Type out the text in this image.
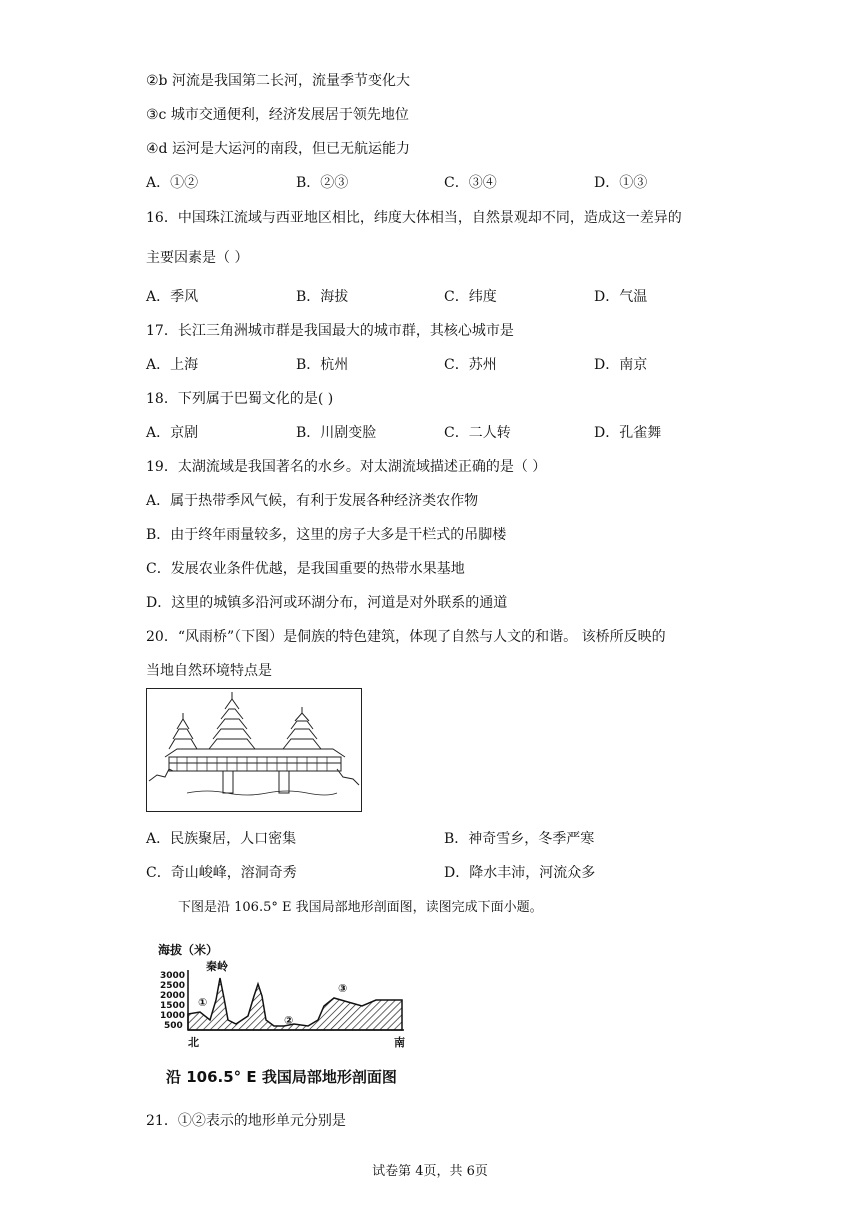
②b 河流是我国第二长河，流量季节变化大
③c 城市交通便利，经济发展居于领先地位
④d 运河是大运河的南段，但已无航运能力
A．①②	B．②③	C．③④	D．①③
16．中国珠江流域与西亚地区相比，纬度大体相当，自然景观却不同，造成这一差异的
主要因素是（ ）
A．季风	B．海拔	C．纬度	D．气温
17．长江三角洲城市群是我国最大的城市群，其核心城市是
A．上海	B．杭州	C．苏州	D．南京
18．下列属于巴蜀文化的是( )
A．京剧	B．川剧变脸	C．二人转	D．孔雀舞
19．太湖流域是我国著名的水乡。对太湖流域描述正确的是（ ）
A．属于热带季风气候，有利于发展各种经济类农作物
B．由于终年雨量较多，这里的房子大多是干栏式的吊脚楼
C．发展农业条件优越，是我国重要的热带水果基地
D．这里的城镇多沿河或环湖分布，河道是对外联系的通道
20．“风雨桥”（下图）是侗族的特色建筑，体现了自然与人文的和谐。 该桥所反映的
当地自然环境特点是
A．民族聚居，人口密集	B．神奇雪乡，冬季严寒
C．奇山峻峰，溶洞奇秀	D．降水丰沛，河流众多
下图是沿 106.5° E 我国局部地形剖面图，读图完成下面小题。
海拔（米）
秦岭
3000
2500
2000
1500
1000
500
①
②
③
北	南
沿 106.5° E 我国局部地形剖面图
21．①②表示的地形单元分别是
试卷第 4页，共 6页
